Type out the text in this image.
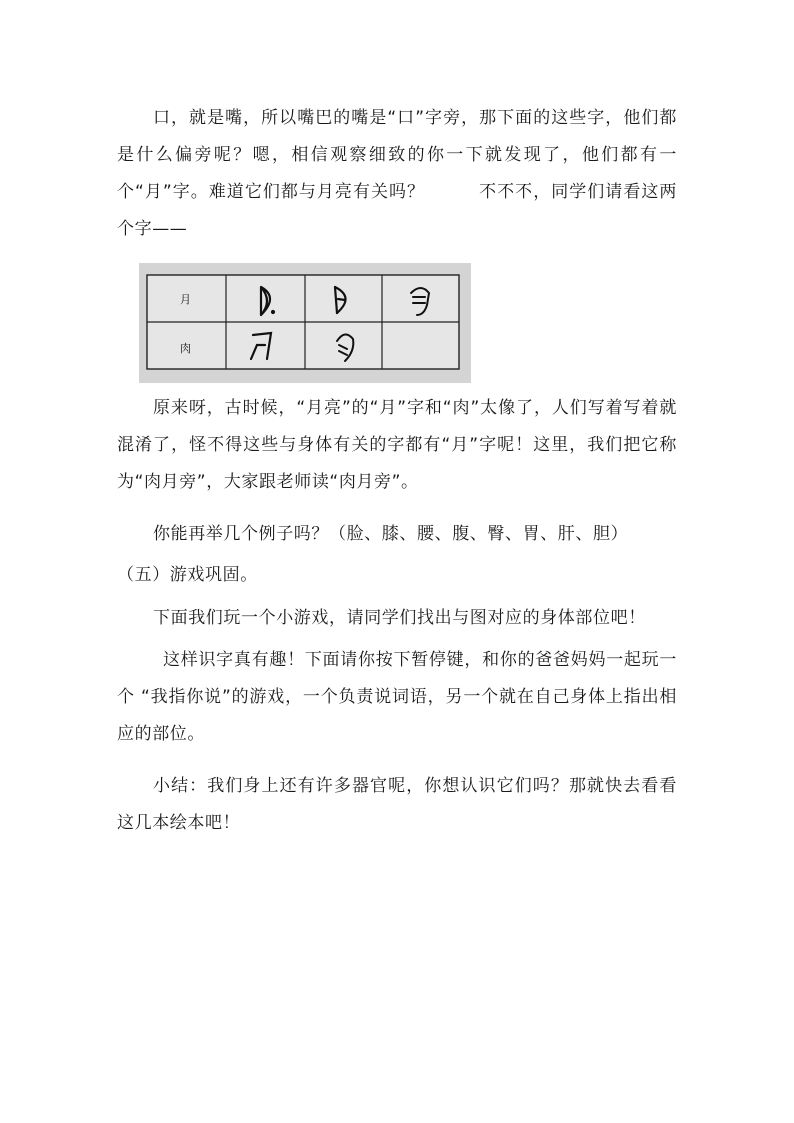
口，就是嘴，所以嘴巴的嘴是“口”字旁，那下面的这些字，他们都是什么偏旁呢？嗯，相信观察细致的你一下就发现了，他们都有一个“月”字。难道它们都与月亮有关吗？　　　不不不，同学们请看这两个字——

月
肉

原来呀，古时候，“月亮”的“月”字和“肉”太像了，人们写着写着就混淆了，怪不得这些与身体有关的字都有“月”字呢！这里，我们把它称为“肉月旁”，大家跟老师读“肉月旁”。

你能再举几个例子吗？（脸、膝、腰、腹、臀、胃、肝、胆）

（五）游戏巩固。

下面我们玩一个小游戏，请同学们找出与图对应的身体部位吧！

这样识字真有趣！下面请你按下暂停键，和你的爸爸妈妈一起玩一个 “我指你说”的游戏，一个负责说词语，另一个就在自己身体上指出相应的部位。

小结：我们身上还有许多器官呢，你想认识它们吗？那就快去看看这几本绘本吧！
